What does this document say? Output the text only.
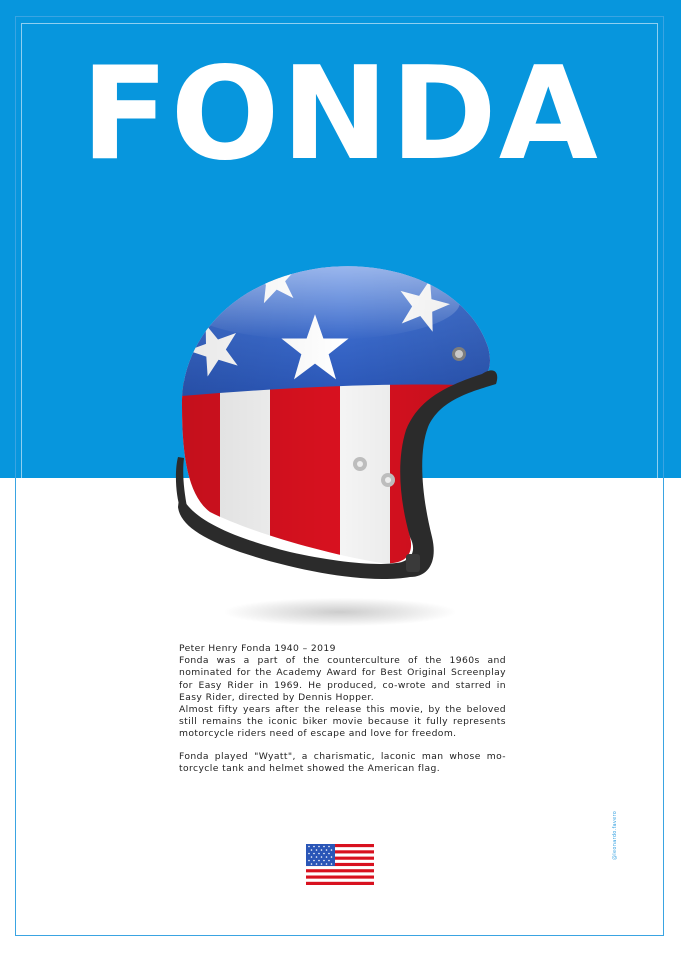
FONDA

Peter Henry Fonda 1940 – 2019

Fonda was a part of the counterculture of the 1960s and nominated for the Academy Award for Best Original Screenplay for Easy Rider in 1969. He produced, co-wrote and starred in Easy Rider, directed by Dennis Hopper.

Almost fifty years after the release this movie, by the beloved still remains the iconic biker movie because it fully represents motorcycle riders need of escape and love for freedom.

Fonda played "Wyatt", a charismatic, laconic man whose mo-torcycle tank and helmet showed the American flag.

@leonardo.favero
